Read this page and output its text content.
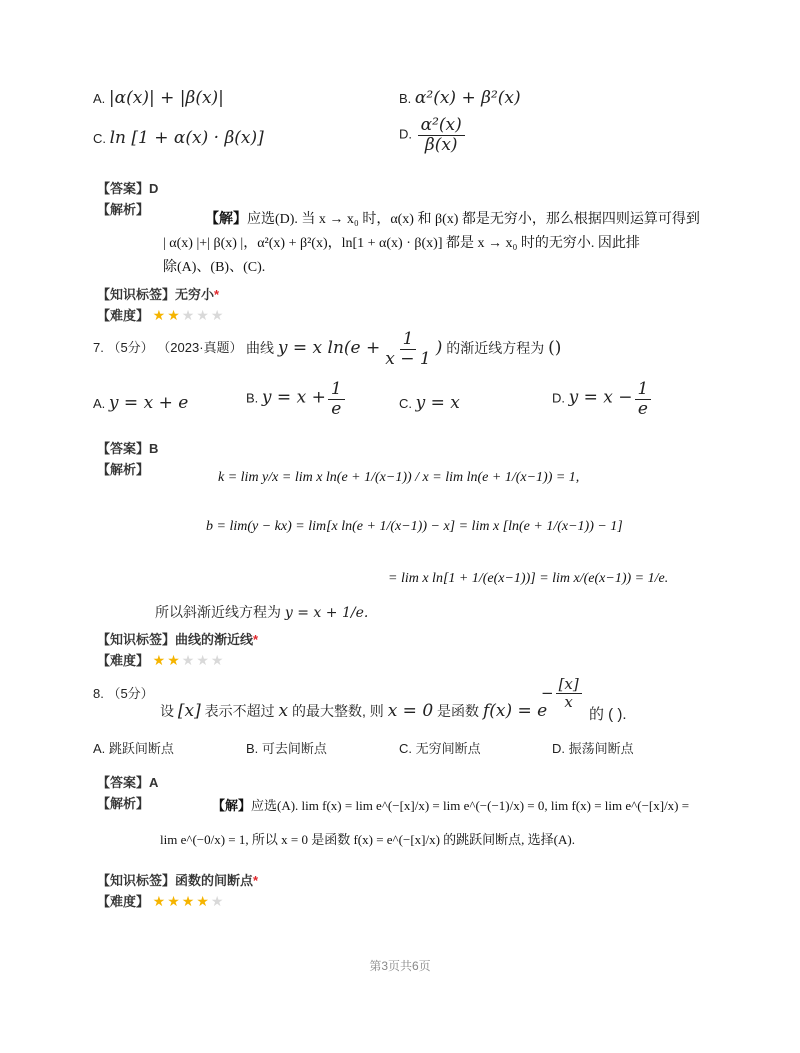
A. |α(x)| + |β(x)|	B. α²(x) + β²(x)
C. ln [1 + α(x) · β(x)]	D. $\frac{\text{α²(x)}}{\beta(x)}$
【答案】D
【解析】
【解】应选(D). 当 x → x₀ 时，α(x) 和 β(x) 都是无穷小，那么根据四则运算可得到
| α(x) |+| β(x) |，α²(x) + β²(x)，ln[1 + α(x) · β(x)] 都是 x → x₀ 时的无穷小. 因此排
除(A)、(B)、(C).
【知识标签】无穷小*
【难度】 ★ ★ ★ ★ ★
7. （5分） （2023·真题） 曲线 y = x $\ln(e + \frac{1}{x - 1}$ ) 的渐近线方程为 ()
A. y = x + e	B. $y = x + \frac{1}{e}$	C. y = x	D. $y = x - \frac{1}{e}$
【答案】B
【解析】
k = lim y/x = lim x ln(e + 1/(x−1)) / x = lim ln(e + 1/(x−1)) = 1,
b = lim(y − kx) = lim[x ln(e + 1/(x−1)) − x] = lim x [ln(e + 1/(x−1)) − 1]
= lim x ln[1 + 1/(e(x−1))] = lim x/(e(x−1)) = 1/e.
所以斜渐近线方程为 y = x + 1/e.
【知识标签】曲线的渐近线*
【难度】 ★ ★ ★ ★ ★
8. （5分）
设 [x] 表示不超过 x 的最大整数, 则 x = 0 是函数 f(x) = e
− $\frac{[x]}{x}$
的 ( ).
A. 跳跃间断点	B. 可去间断点	C. 无穷间断点	D. 振荡间断点
【答案】A
【解析】	【解】应选(A). lim f(x) = lim e^(−[x]/x) = lim e^(−(−1)/x) = 0, lim f(x) = lim e^(−[x]/x) =
lim e^(−0/x) = 1, 所以 x = 0 是函数 f(x) = e^(−[x]/x) 的跳跃间断点, 选择(A).
【知识标签】函数的间断点*
【难度】 ★ ★ ★ ★ ★
第3页共6页
